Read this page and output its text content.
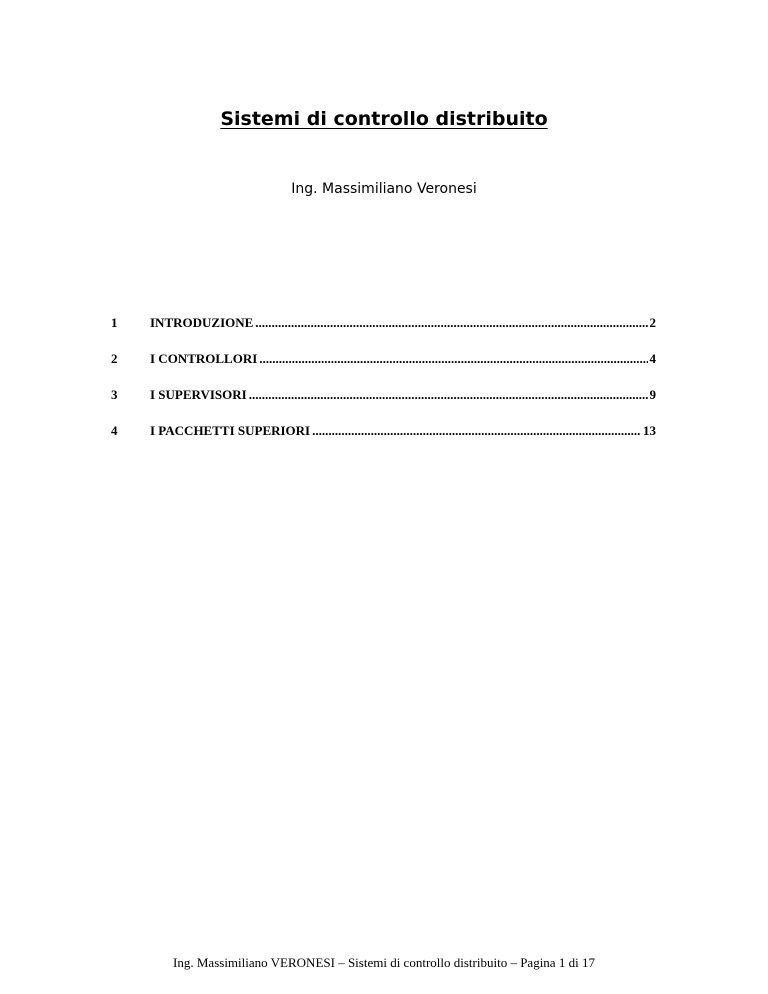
Sistemi di controllo distribuito
Ing. Massimiliano Veronesi
1	INTRODUZIONE .....	2
2	I CONTROLLORI .....	4
3	I SUPERVISORI .....	9
4	I PACCHETTI SUPERIORI .....	13
Ing. Massimiliano VERONESI – Sistemi di controllo distribuito – Pagina 1 di 17
